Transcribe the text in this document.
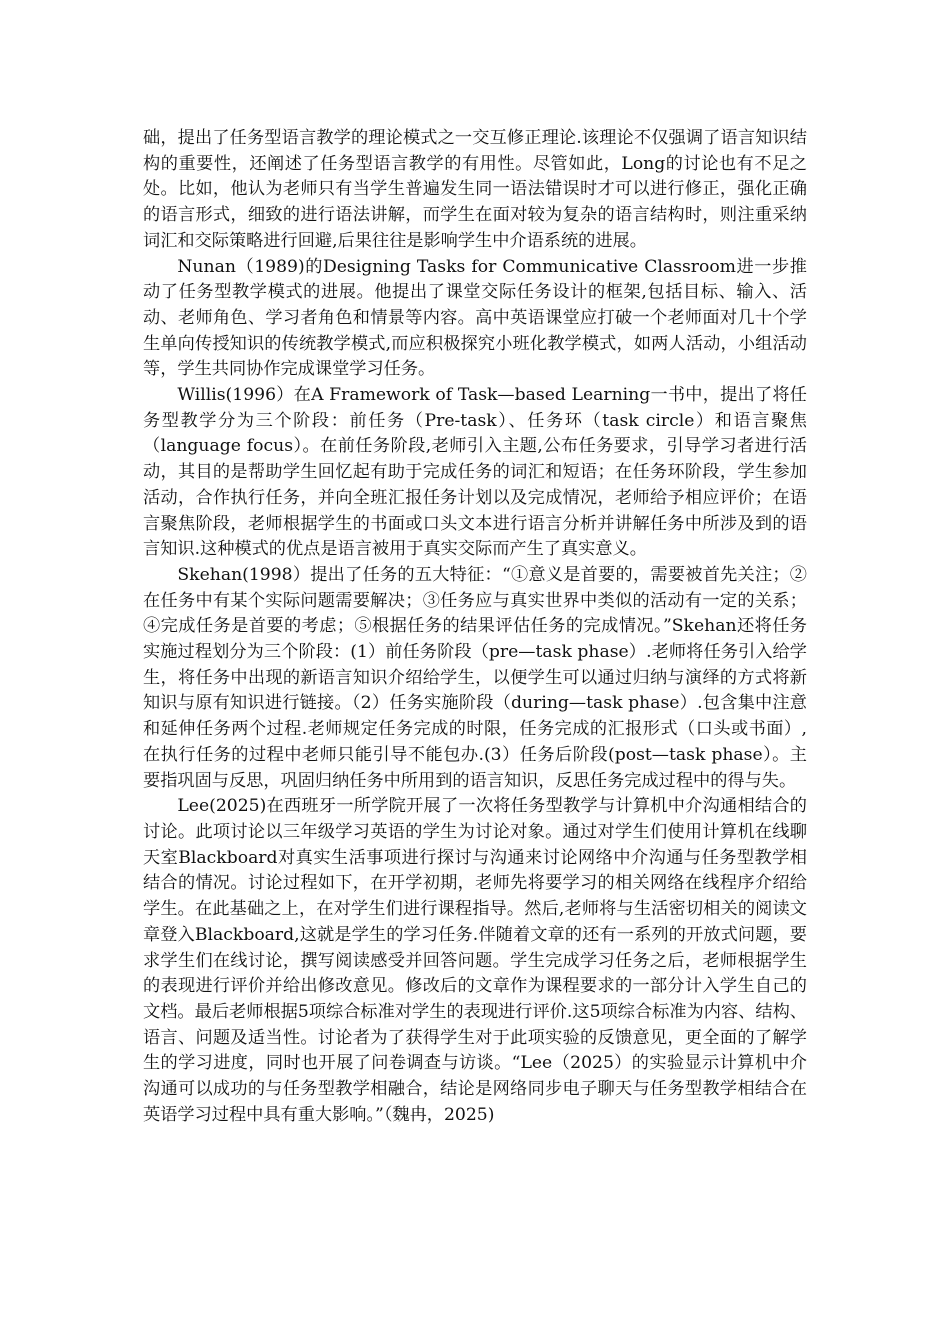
础，提出了任务型语言教学的理论模式之一交互修正理论.该理论不仅强调了语言知识结构的重要性，还阐述了任务型语言教学的有用性。尽管如此，Long的讨论也有不足之处。比如，他认为老师只有当学生普遍发生同一语法错误时才可以进行修正，强化正确的语言形式，细致的进行语法讲解，而学生在面对较为复杂的语言结构时，则注重采纳词汇和交际策略进行回避,后果往往是影响学生中介语系统的进展。

Nunan（1989)的Designing Tasks for Communicative Classroom进一步推动了任务型教学模式的进展。他提出了课堂交际任务设计的框架,包括目标、输入、活动、老师角色、学习者角色和情景等内容。高中英语课堂应打破一个老师面对几十个学生单向传授知识的传统教学模式,而应积极探究小班化教学模式，如两人活动，小组活动等，学生共同协作完成课堂学习任务。

Willis(1996）在A Framework of Task—based Learning一书中，提出了将任务型教学分为三个阶段：前任务（Pre-task）、任务环（task circle）和语言聚焦（language focus）。在前任务阶段,老师引入主题,公布任务要求，引导学习者进行活动，其目的是帮助学生回忆起有助于完成任务的词汇和短语；在任务环阶段，学生参加活动，合作执行任务，并向全班汇报任务计划以及完成情况，老师给予相应评价；在语言聚焦阶段，老师根据学生的书面或口头文本进行语言分析并讲解任务中所涉及到的语言知识.这种模式的优点是语言被用于真实交际而产生了真实意义。

Skehan(1998）提出了任务的五大特征：“①意义是首要的，需要被首先关注；②在任务中有某个实际问题需要解决；③任务应与真实世界中类似的活动有一定的关系；④完成任务是首要的考虑；⑤根据任务的结果评估任务的完成情况。”Skehan还将任务实施过程划分为三个阶段：(1）前任务阶段（pre—task phase）.老师将任务引入给学生，将任务中出现的新语言知识介绍给学生，以便学生可以通过归纳与演绎的方式将新知识与原有知识进行链接。（2）任务实施阶段（during—task phase）.包含集中注意和延伸任务两个过程.老师规定任务完成的时限，任务完成的汇报形式（口头或书面）,在执行任务的过程中老师只能引导不能包办.(3）任务后阶段(post—task phase）。主要指巩固与反思，巩固归纳任务中所用到的语言知识，反思任务完成过程中的得与失。

Lee(2025)在西班牙一所学院开展了一次将任务型教学与计算机中介沟通相结合的讨论。此项讨论以三年级学习英语的学生为讨论对象。通过对学生们使用计算机在线聊天室Blackboard对真实生活事项进行探讨与沟通来讨论网络中介沟通与任务型教学相结合的情况。讨论过程如下，在开学初期，老师先将要学习的相关网络在线程序介绍给学生。在此基础之上，在对学生们进行课程指导。然后,老师将与生活密切相关的阅读文章登入Blackboard,这就是学生的学习任务.伴随着文章的还有一系列的开放式问题，要求学生们在线讨论，撰写阅读感受并回答问题。学生完成学习任务之后，老师根据学生的表现进行评价并给出修改意见。修改后的文章作为课程要求的一部分计入学生自己的文档。最后老师根据5项综合标准对学生的表现进行评价.这5项综合标准为内容、结构、语言、问题及适当性。讨论者为了获得学生对于此项实验的反馈意见，更全面的了解学生的学习进度，同时也开展了问卷调查与访谈。“Lee（2025）的实验显示计算机中介沟通可以成功的与任务型教学相融合，结论是网络同步电子聊天与任务型教学相结合在英语学习过程中具有重大影响。”（魏冉，2025)
